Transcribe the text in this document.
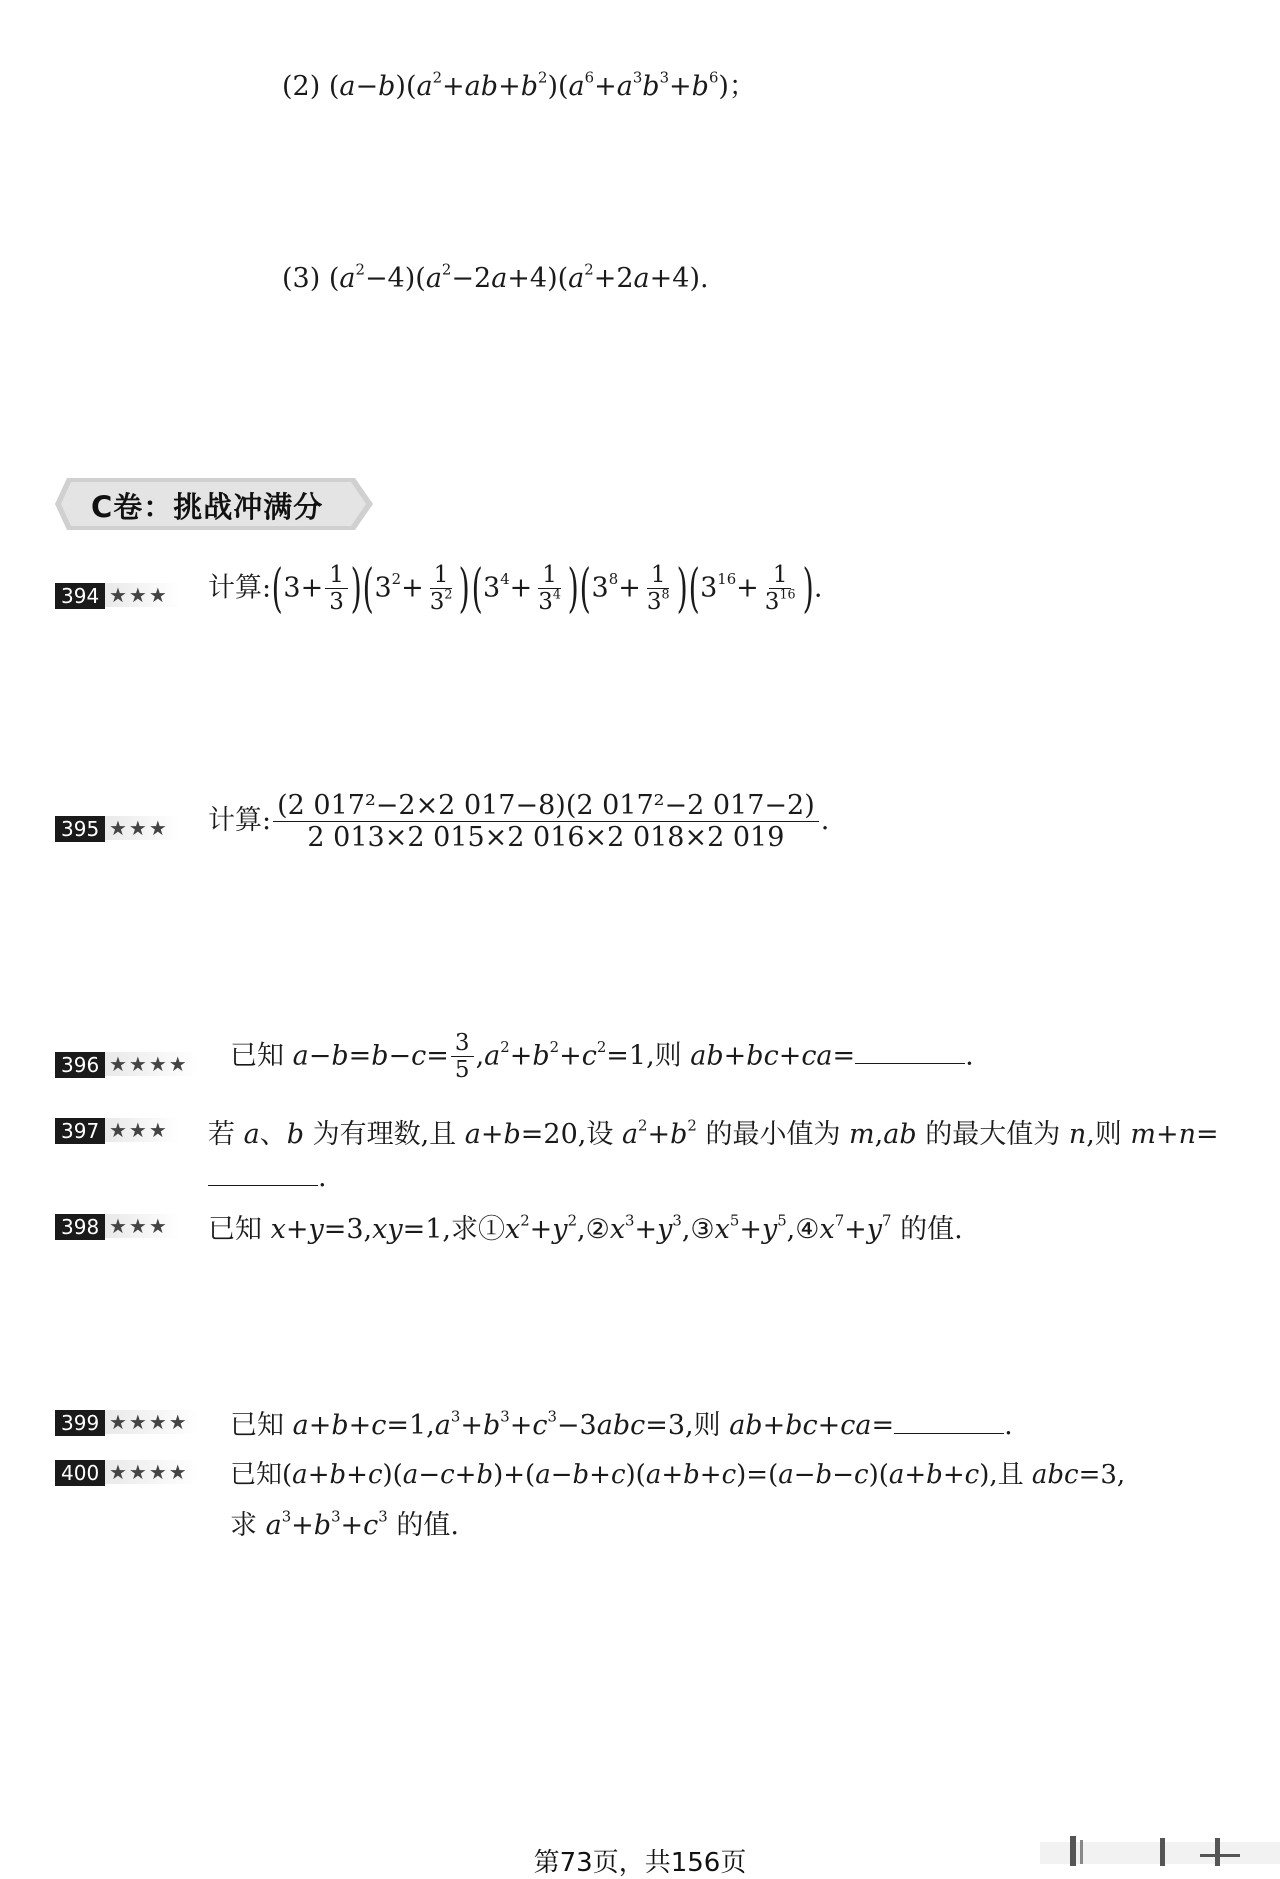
(2) $(a-b)(a^2+ab+b^2)(a^6+a^3b^3+b^6)$；
(3) $(a^2-4)(a^2-2a+4)(a^2+2a+4)$.
C卷：挑战冲满分
394 ★★★	计算:(3+ $\frac{1}{3} )(3^2+ \frac{1}{3^2} )(3^4+ \frac{1}{3^4} )(3^8+ \frac{1}{3^8} )(3^{16}+ \frac{1}{3^{16}}$ ).
395 ★★★	计算: $\frac{\text{(2 017²−2×2 017−8)(2 017²−2 017−2)}}{2 013\times 2 015\times 2 016\times 2 018\times 2 019}$ .
396 ★★★★	已知 $a-b=b-c= \frac{3}{5} ,a^2+b^2+c^2=1$,则 ab+bc+ca=	.
397 ★★★	若 a、b 为有理数,且 a+b=20,设 $a^2+b^2$ 的最小值为 m,ab 的最大值为 n,则 m+n=
.
398 ★★★	已知 x+y=3,xy=1,求$①x^2+y^2,②x^3+y^3,③x^5+y^5,④x^7+y^7$ 的值.
399 ★★★★	已知 $a+b+c=1,a^3+b^3+c^3-3abc=3$,则 ab+bc+ca=	.
400 ★★★★	已知(a+b+c)(a−c+b)+(a−b+c)(a+b+c)=(a−b−c)(a+b+c),且 abc=3,
求 $a^3+b^3+c^3$ 的值.
第73页，共156页
